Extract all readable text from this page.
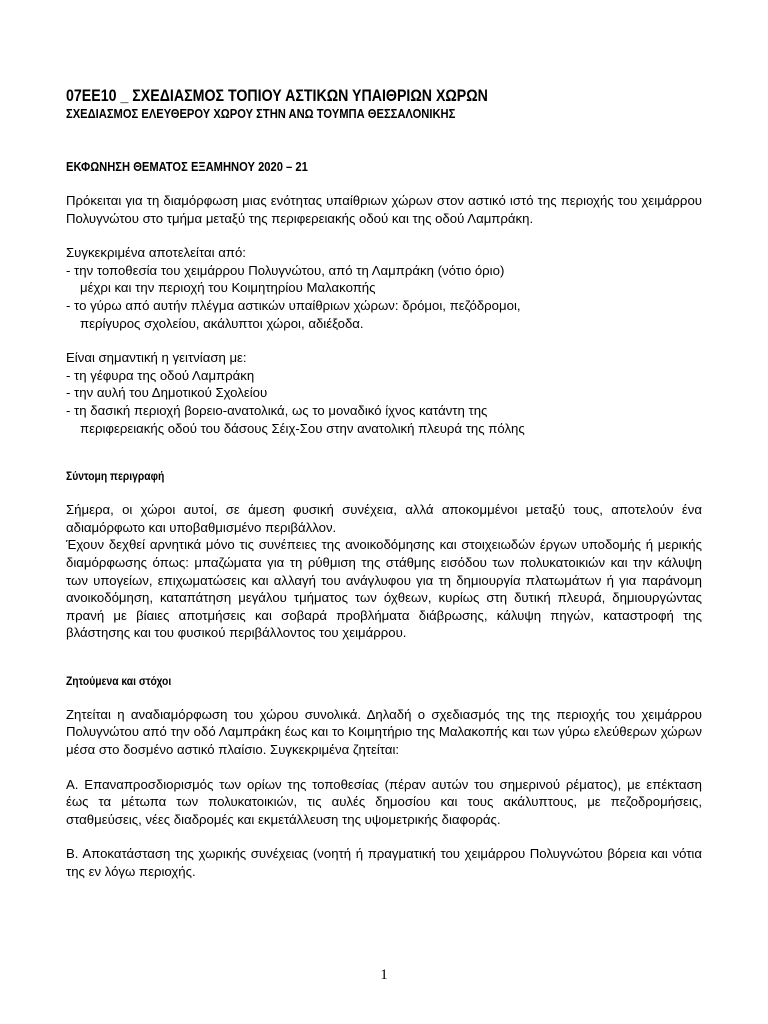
07ΕΕ10 _ ΣΧΕΔΙΑΣΜΟΣ ΤΟΠΙΟΥ ΑΣΤΙΚΩΝ ΥΠΑΙΘΡΙΩΝ ΧΩΡΩΝ

ΣΧΕΔΙΑΣΜΟΣ ΕΛΕΥΘΕΡΟΥ ΧΩΡΟΥ ΣΤΗΝ ΑΝΩ ΤΟΥΜΠΑ ΘΕΣΣΑΛΟΝΙΚΗΣ

ΕΚΦΩΝΗΣΗ ΘΕΜΑΤΟΣ ΕΞΑΜΗΝΟΥ 2020 – 21

Πρόκειται για τη διαμόρφωση μιας ενότητας υπαίθριων χώρων στον αστικό ιστό της περιοχής του χειμάρρου Πολυγνώτου στο τμήμα μεταξύ της περιφερειακής οδού και της οδού Λαμπράκη.

Συγκεκριμένα αποτελείται από:

- την τοποθεσία του χειμάρρου Πολυγνώτου, από τη Λαμπράκη (νότιο όριο)

μέχρι και την περιοχή του Κοιμητηρίου Μαλακοπής

- το γύρω από αυτήν πλέγμα αστικών υπαίθριων χώρων: δρόμοι, πεζόδρομοι,

περίγυρος σχολείου, ακάλυπτοι χώροι, αδιέξοδα.

Είναι σημαντική η γειτνίαση με:

- τη γέφυρα της οδού Λαμπράκη

- την αυλή του Δημοτικού Σχολείου

- τη δασική περιοχή βορειο-ανατολικά, ως το μοναδικό ίχνος κατάντη της

περιφερειακής οδού του δάσους Σέιχ-Σου στην ανατολική πλευρά της πόλης

Σύντομη περιγραφή

Σήμερα, οι χώροι αυτοί, σε άμεση φυσική συνέχεια, αλλά αποκομμένοι μεταξύ τους, αποτελούν ένα αδιαμόρφωτο και υποβαθμισμένο περιβάλλον.

Έχουν δεχθεί αρνητικά μόνο τις συνέπειες της ανοικοδόμησης και στοιχειωδών έργων υποδομής ή μερικής διαμόρφωσης όπως: μπαζώματα για τη ρύθμιση της στάθμης εισόδου των πολυκατοικιών και την κάλυψη των υπογείων, επιχωματώσεις και αλλαγή του ανάγλυφου για τη δημιουργία πλατωμάτων ή για παράνομη ανοικοδόμηση, καταπάτηση μεγάλου τμήματος των όχθεων, κυρίως στη δυτική πλευρά, δημιουργώντας πρανή με βίαιες αποτμήσεις και σοβαρά προβλήματα διάβρωσης, κάλυψη πηγών, καταστροφή της βλάστησης και του φυσικού περιβάλλοντος του χειμάρρου.

Ζητούμενα και στόχοι

Ζητείται η αναδιαμόρφωση του χώρου συνολικά. Δηλαδή ο σχεδιασμός της της περιοχής του χειμάρρου Πολυγνώτου από την οδό Λαμπράκη έως και το Κοιμητήριο της Μαλακοπής και των γύρω ελεύθερων χώρων μέσα στο δοσμένο αστικό πλαίσιο. Συγκεκριμένα ζητείται:

Α. Επαναπροσδιορισμός των ορίων της τοποθεσίας (πέραν αυτών του σημερινού ρέματος), με επέκταση έως τα μέτωπα των πολυκατοικιών, τις αυλές δημοσίου και τους ακάλυπτους, με πεζοδρομήσεις, σταθμεύσεις, νέες διαδρομές και εκμετάλλευση της υψομετρικής διαφοράς.

Β. Αποκατάσταση της χωρικής συνέχειας (νοητή ή πραγματική του χειμάρρου Πολυγνώτου βόρεια και νότια της εν λόγω περιοχής.

1
